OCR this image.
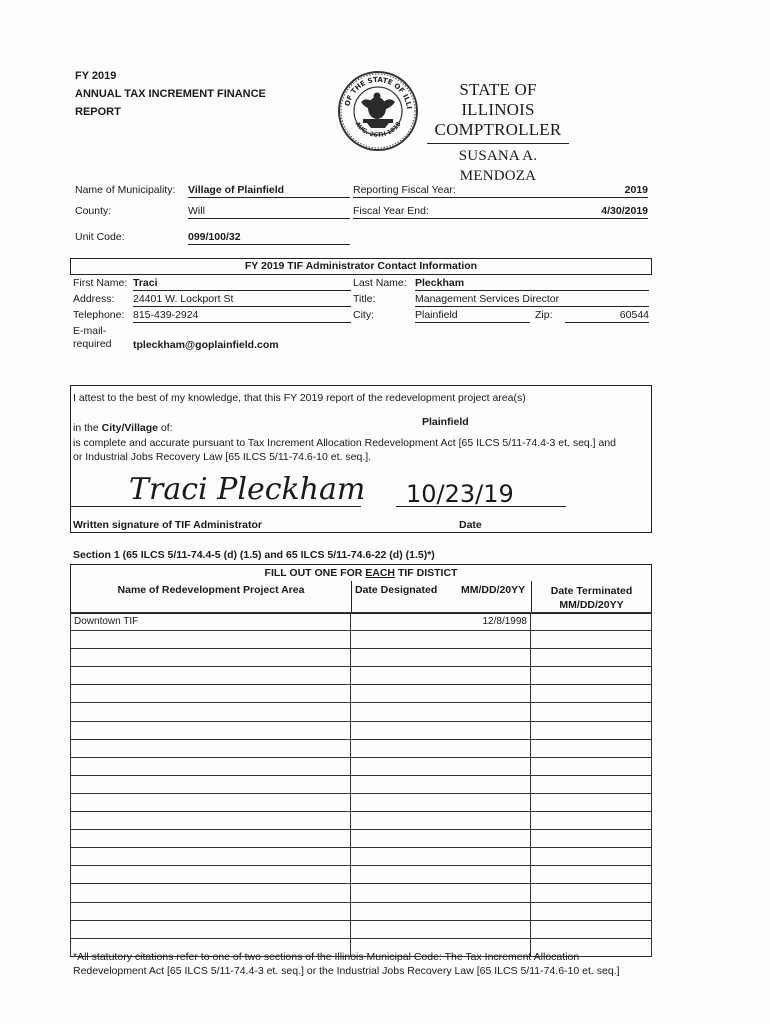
FY 2019
ANNUAL TAX INCREMENT FINANCE
REPORT
OF THE STATE OF ILLI
AUG. 26TH 1818
STATE OF ILLINOIS
COMPTROLLER
SUSANA A. MENDOZA
Name of Municipality: Village of Plainfield
County:	Will
Unit Code:	099/100/32
Reporting Fiscal Year:	2019
Fiscal Year End:	4/30/2019
FY 2019 TIF Administrator Contact Information
First Name: Traci	Last Name: Pleckham
Address: 24401 W. Lockport St	Title:	Management Services Director
Telephone: 815-439-2924	City:	Plainfield	Zip:	60544
E-mail-
required tpleckham@goplainfield.com
I attest to the best of my knowledge, that this FY 2019 report of the redevelopment project area(s)
in the City/Village of:	Plainfield
is complete and accurate pursuant to Tax Increment Allocation Redevelopment Act [65 ILCS 5/11-74.4-3 et. seq.] and
or Industrial Jobs Recovery Law [65 ILCS 5/11-74.6-10 et. seq.].
Traci Pleckham 10/23/19
Written signature of TIF Administrator	Date
Section 1 (65 ILCS 5/11-74.4-5 (d) (1.5) and 65 ILCS 5/11-74.6-22 (d) (1.5)*)
FILL OUT ONE FOR EACH TIF DISTICT
Name of Redevelopment Project Area	Date Designated MM/DD/20YY	Date Terminated
MM/DD/20YY
Downtown TIF	12/8/1998	

*All statutory citations refer to one of two sections of the Illinois Municipal Code: The Tax Increment Allocation
Redevelopment Act [65 ILCS 5/11-74.4-3 et. seq.] or the Industrial Jobs Recovery Law [65 ILCS 5/11-74.6-10 et. seq.]
